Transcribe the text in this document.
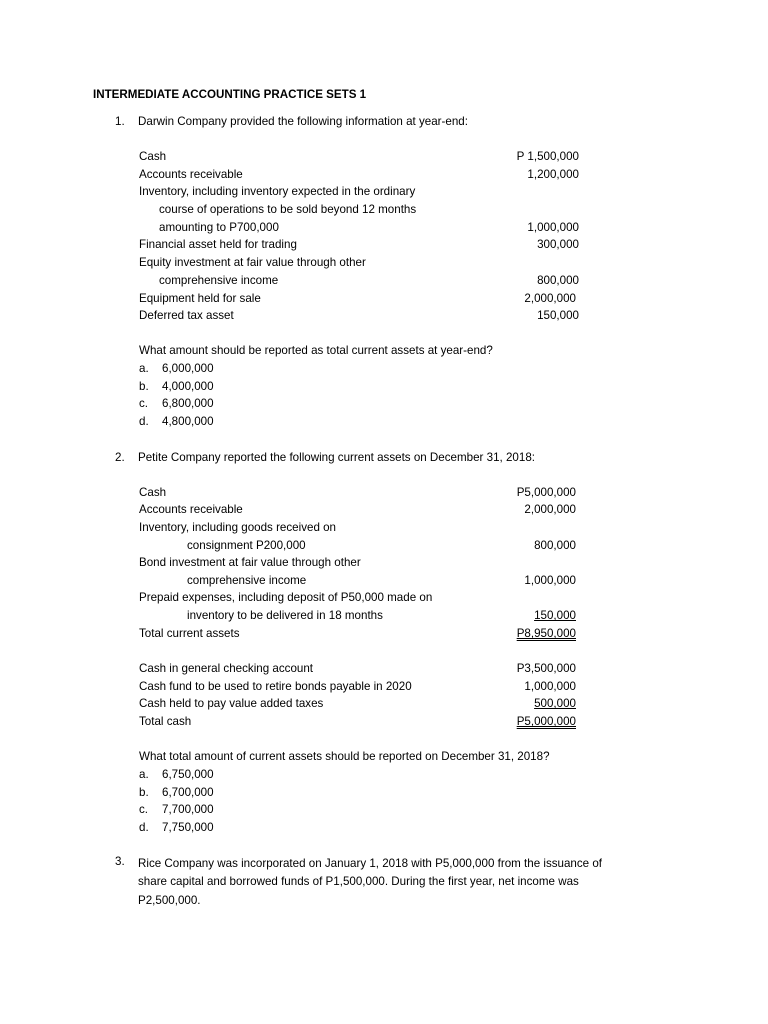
INTERMEDIATE ACCOUNTING PRACTICE SETS 1
1. Darwin Company provided the following information at year-end:
Cash	P 1,500,000
Accounts receivable	1,200,000
Inventory, including inventory expected in the ordinary
course of operations to be sold beyond 12 months
amounting to P700,000	1,000,000
Financial asset held for trading	300,000
Equity investment at fair value through other
comprehensive income	800,000
Equipment held for sale	2,000,000
Deferred tax asset	150,000
What amount should be reported as total current assets at year-end?
a. 6,000,000
b. 4,000,000
c. 6,800,000
d. 4,800,000
2. Petite Company reported the following current assets on December 31, 2018:
Cash	P5,000,000
Accounts receivable	2,000,000
Inventory, including goods received on
consignment P200,000	800,000
Bond investment at fair value through other
comprehensive income	1,000,000
Prepaid expenses, including deposit of P50,000 made on
inventory to be delivered in 18 months	150,000
Total current assets	P8,950,000
Cash in general checking account	P3,500,000
Cash fund to be used to retire bonds payable in 2020	1,000,000
Cash held to pay value added taxes	500,000
Total cash	P5,000,000
What total amount of current assets should be reported on December 31, 2018?
a. 6,750,000
b. 6,700,000
c. 7,700,000
d. 7,750,000
3. Rice Company was incorporated on January 1, 2018 with P5,000,000 from the issuance of
share capital and borrowed funds of P1,500,000. During the first year, net income was
P2,500,000.
